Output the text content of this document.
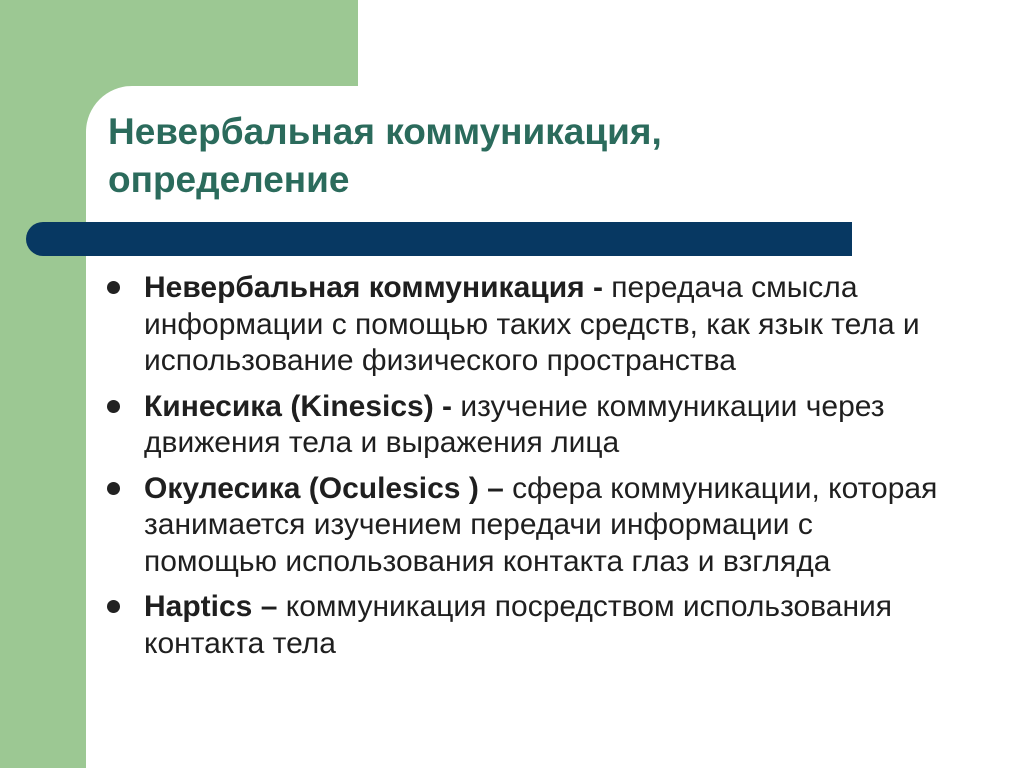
Невербальная коммуникация,
определение
Невербальная коммуникация - передача смысла информации с помощью таких средств, как язык тела и использование физического пространства
Кинесика (Kinesics) - изучение коммуникации через движения тела и выражения лица
Окулесика (Oculesics ) – сфера коммуникации, которая занимается изучением передачи информации с помощью использования контакта глаз и взгляда
Haptics – коммуникация посредством использования контакта тела
